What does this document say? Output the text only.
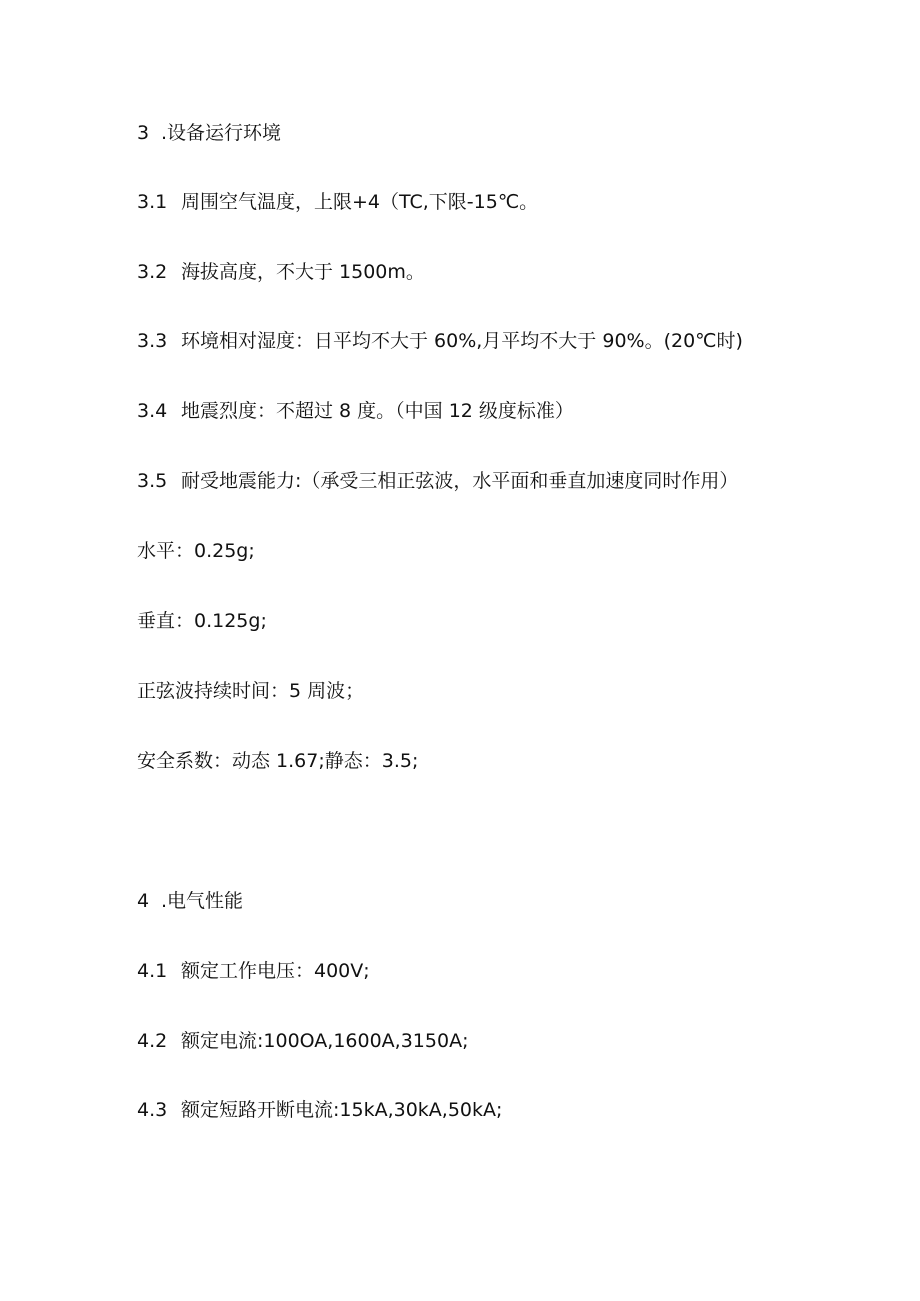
3 .设备运行环境
3.1 周围空气温度，上限+4（TC,下限-15℃。
3.2 海拔高度，不大于 1500m。
3.3 环境相对湿度：日平均不大于 60%,月平均不大于 90%。(20℃时)
3.4 地震烈度：不超过 8 度。（中国 12 级度标准）
3.5 耐受地震能力:（承受三相正弦波，水平面和垂直加速度同时作用）
水平：0.25g;
垂直：0.125g;
正弦波持续时间：5 周波；
安全系数：动态 1.67;静态：3.5;
4 .电气性能
4.1 额定工作电压：400V;
4.2 额定电流:100OA,1600A,3150A;
4.3 额定短路开断电流:15kA,30kA,50kA;
